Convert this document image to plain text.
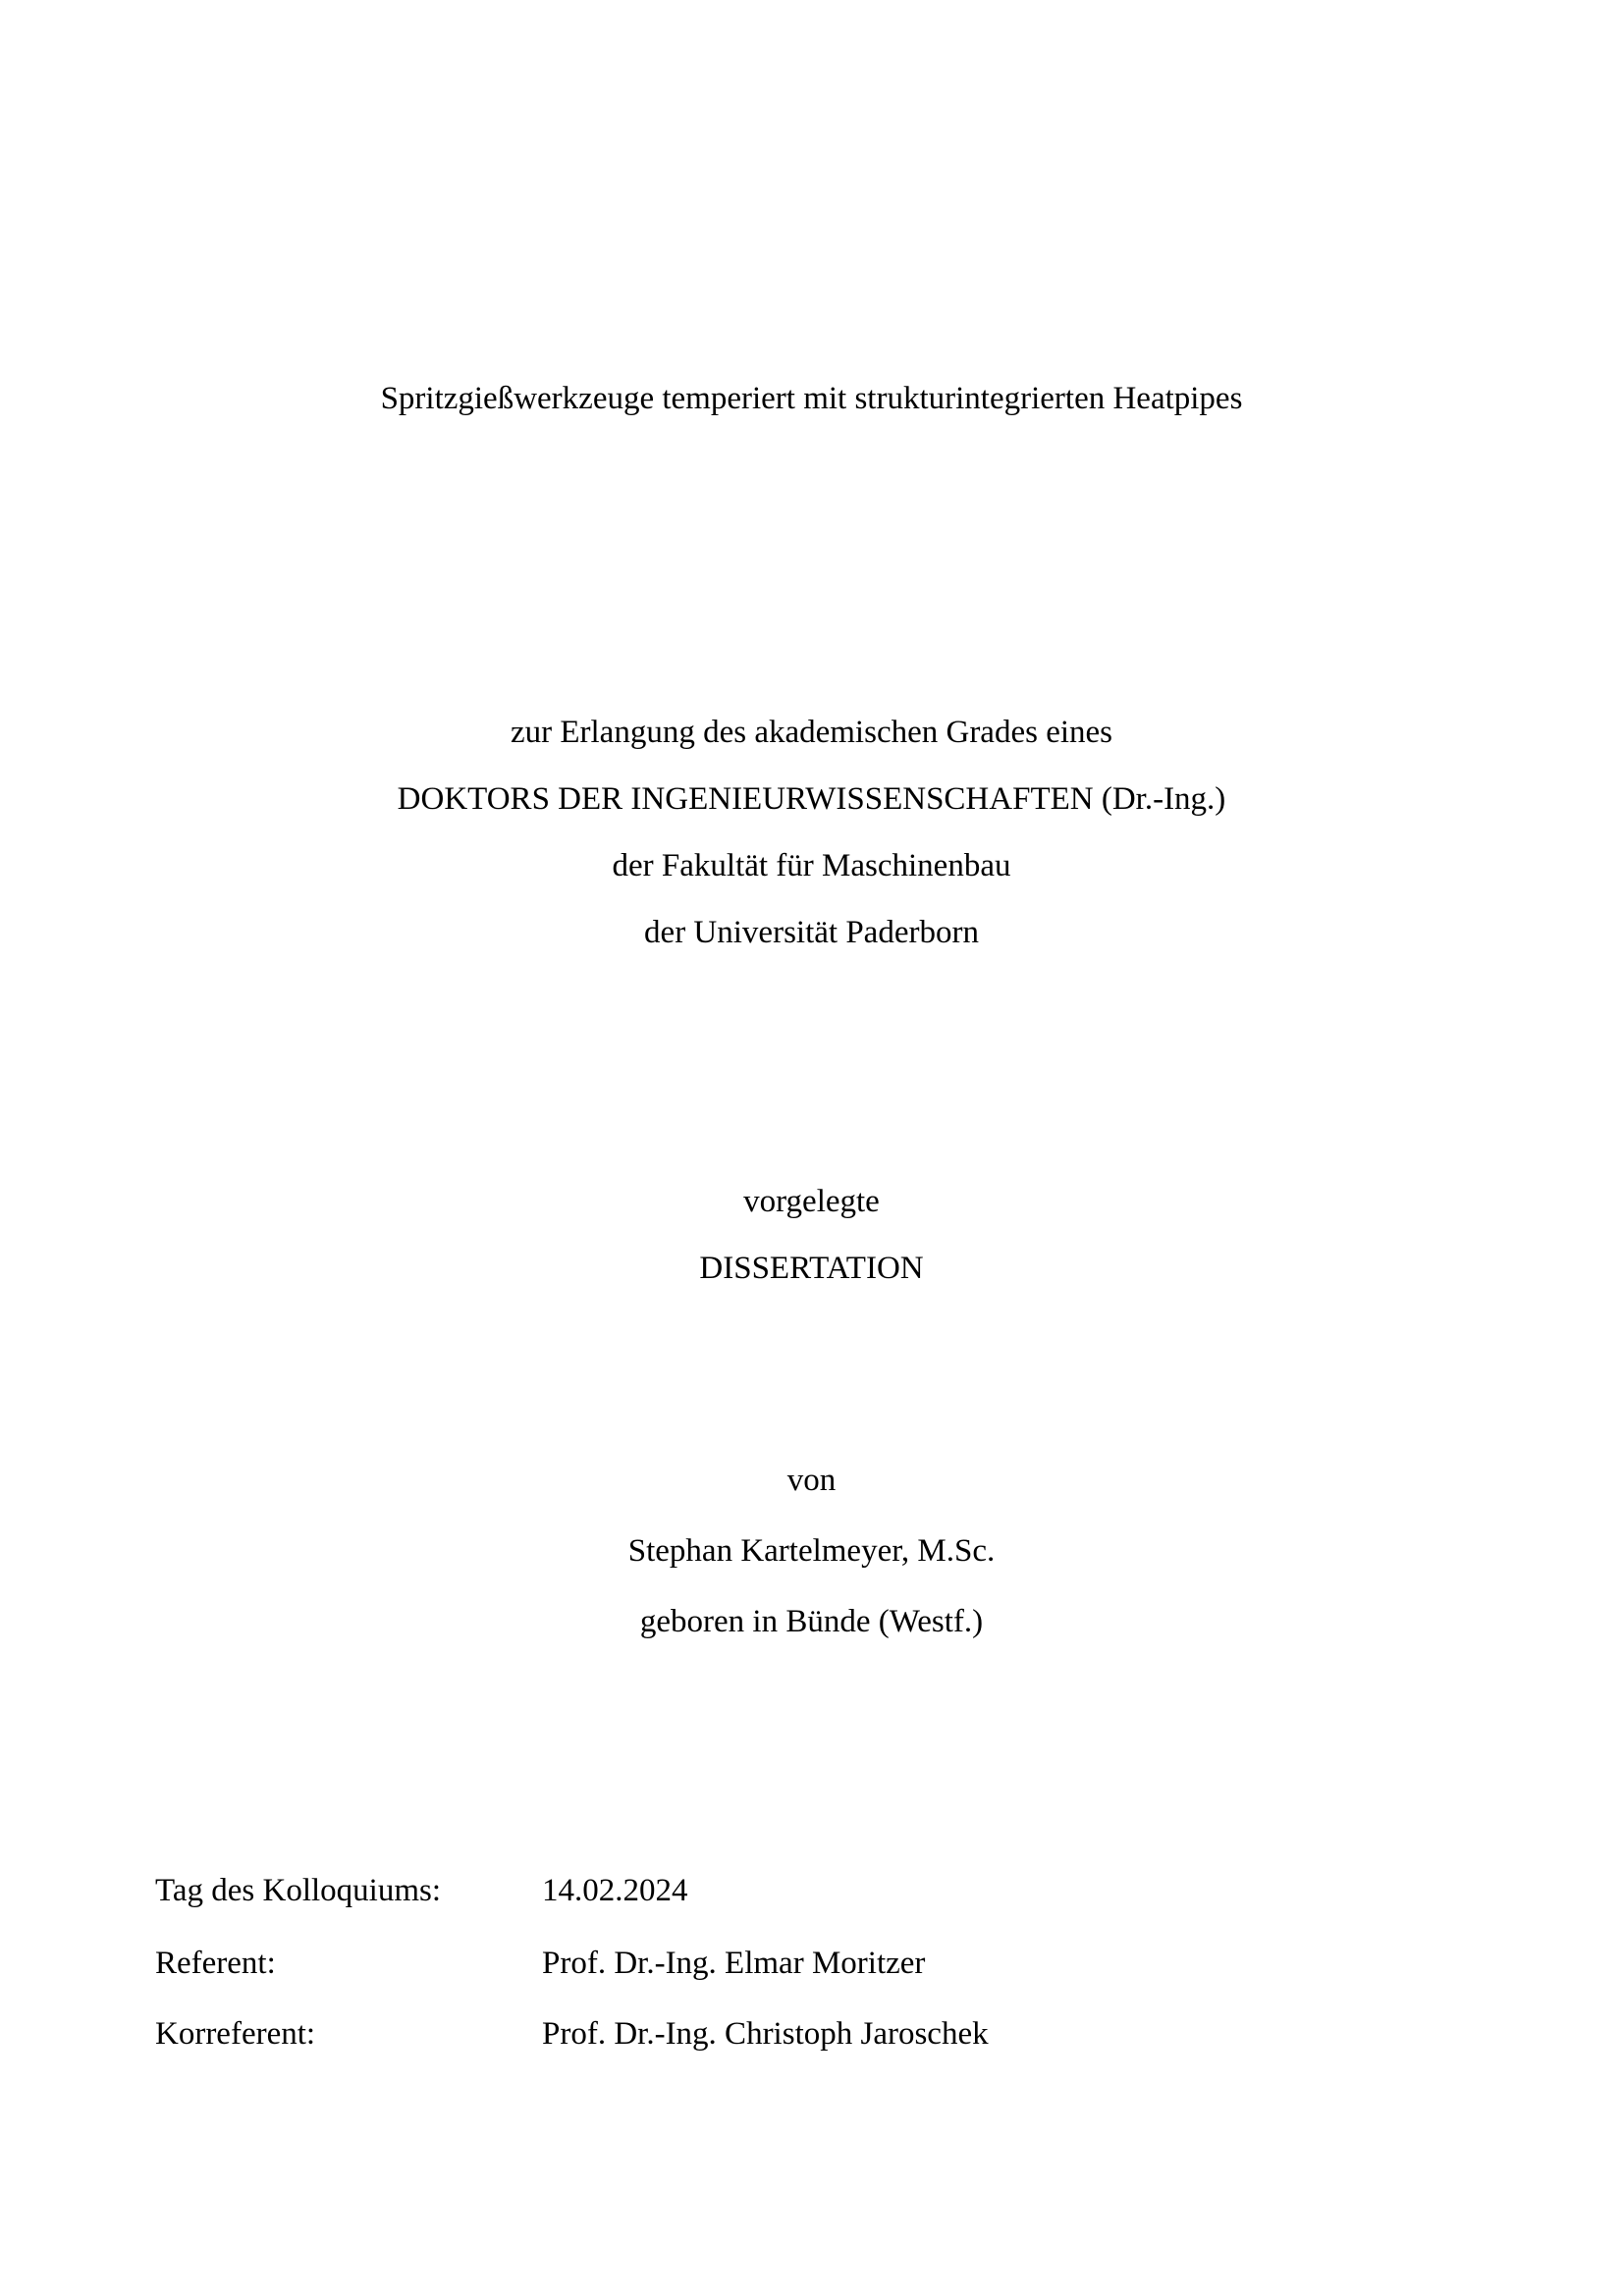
Spritzgießwerkzeuge temperiert mit strukturintegrierten Heatpipes
zur Erlangung des akademischen Grades eines
DOKTORS DER INGENIEURWISSENSCHAFTEN (Dr.-Ing.)
der Fakultät für Maschinenbau
der Universität Paderborn
vorgelegte
DISSERTATION
von
Stephan Kartelmeyer, M.Sc.
geboren in Bünde (Westf.)
Tag des Kolloquiums:	14.02.2024
Referent:	Prof. Dr.-Ing. Elmar Moritzer
Korreferent:	Prof. Dr.-Ing. Christoph Jaroschek
